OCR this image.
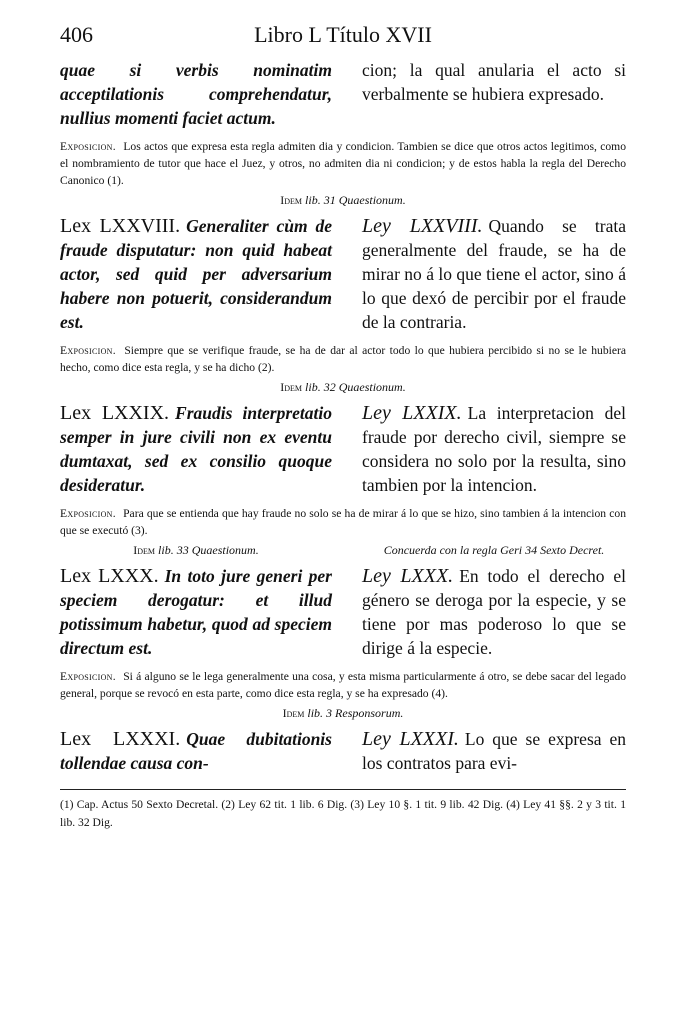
406	Libro L Título XVII
quae si verbis nominatim acceptilationis comprehendatur, nullius momenti faciet actum.
cion; la qual anularia el acto si verbalmente se hubiera expresado.
Exposicion. Los actos que expresa esta regla admiten dia y condicion. Tambien se dice que otros actos legitimos, como el nombramiento de tutor que hace el Juez, y otros, no admiten dia ni condicion; y de estos habla la regla del Derecho Canonico (1).
Idem lib. 31 Quaestionum.
Lex LXXVIII. Generaliter cùm de fraude disputatur: non quid habeat actor, sed quid per adversarium habere non potuerit, considerandum est.
Ley LXXVIII. Quando se trata generalmente del fraude, se ha de mirar no á lo que tiene el actor, sino á lo que dexó de percibir por el fraude de la contraria.
Exposicion. Siempre que se verifique fraude, se ha de dar al actor todo lo que hubiera percibido si no se le hubiera hecho, como dice esta regla, y se ha dicho (2).
Idem lib. 32 Quaestionum.
Lex LXXIX. Fraudis interpretatio semper in jure civili non ex eventu dumtaxat, sed ex consilio quoque desideratur.
Ley LXXIX. La interpretacion del fraude por derecho civil, siempre se considera no solo por la resulta, sino tambien por la intencion.
Exposicion. Para que se entienda que hay fraude no solo se ha de mirar á lo que se hizo, sino tambien á la intencion con que se executó (3).
Idem lib. 33 Quaestionum.	Concuerda con la regla Geri 34 Sexto Decret.
Lex LXXX. In toto jure generi per speciem derogatur: et illud potissimum habetur, quod ad speciem directum est.
Ley LXXX. En todo el derecho el género se deroga por la especie, y se tiene por mas poderoso lo que se dirige á la especie.
Exposicion. Si á alguno se le lega generalmente una cosa, y esta misma particularmente á otro, se debe sacar del legado general, porque se revocó en esta parte, como dice esta regla, y se ha expresado (4).
Idem lib. 3 Responsorum.
Lex LXXXI. Quae dubitationis tollendae causa con-
Ley LXXXI. Lo que se expresa en los contratos para evi-
(1) Cap. Actus 50 Sexto Decretal. (2) Ley 62 tit. 1 lib. 6 Dig. (3) Ley 10 §. 1 tit. 9 lib. 42 Dig. (4) Ley 41 §§. 2 y 3 tit. 1 lib. 32 Dig.
